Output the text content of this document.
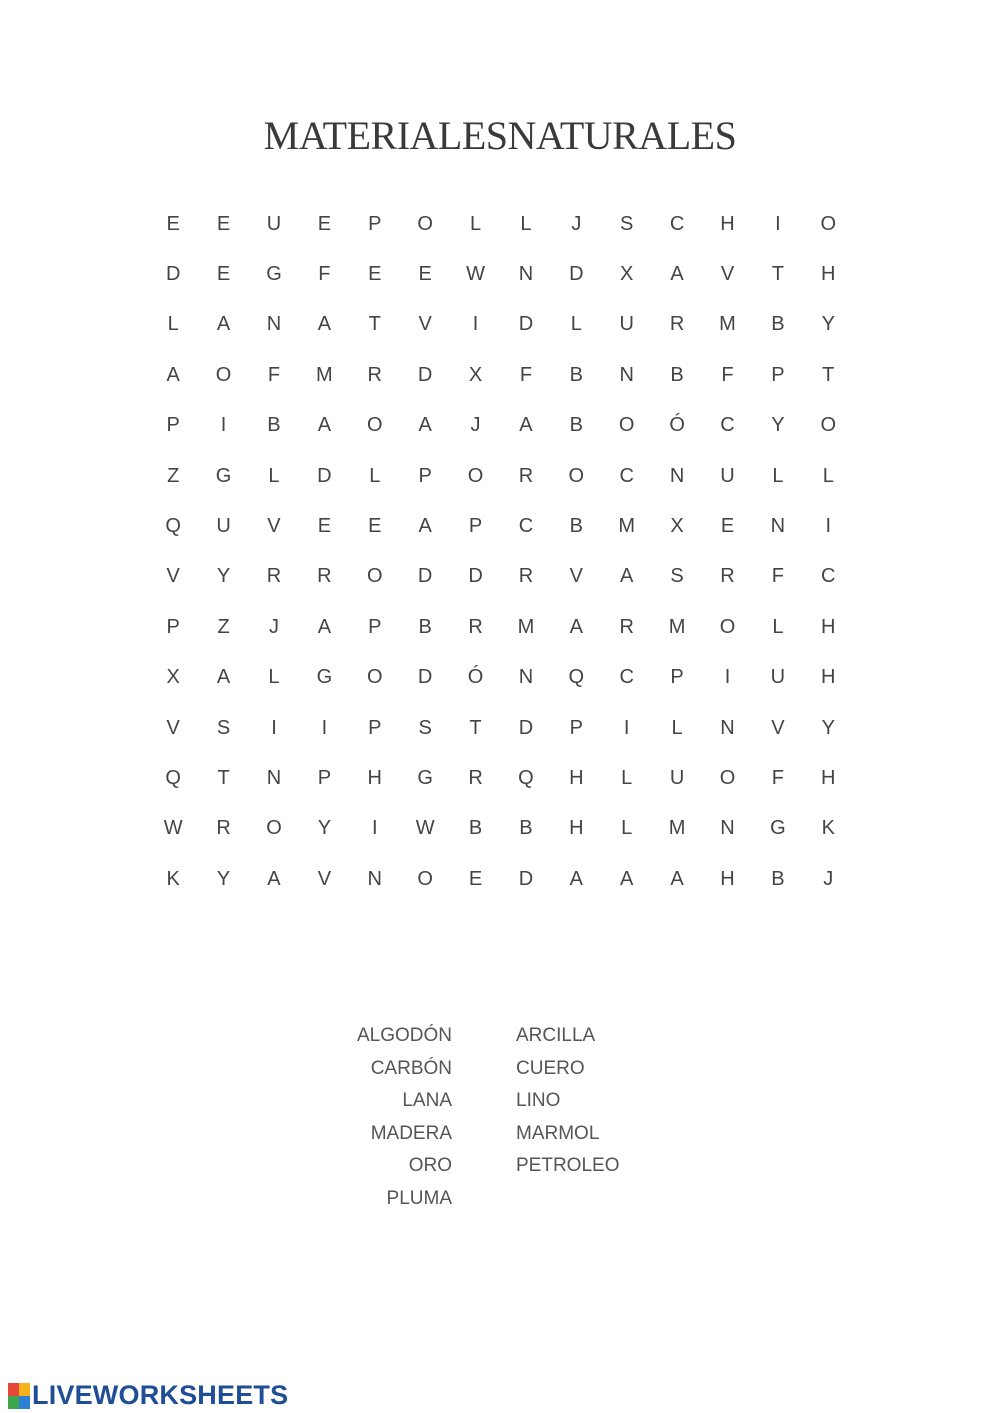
MATERIALESNATURALES
E	E	U	E	P	O	L	L	J	S	C	H	I	O
D	E	G	F	E	E	W	N	D	X	A	V	T	H
L	A	N	A	T	V	I	D	L	U	R	M	B	Y
A	O	F	M	R	D	X	F	B	N	B	F	P	T
P	I	B	A	O	A	J	A	B	O	Ó	C	Y	O
Z	G	L	D	L	P	O	R	O	C	N	U	L	L
Q	U	V	E	E	A	P	C	B	M	X	E	N	I
V	Y	R	R	O	D	D	R	V	A	S	R	F	C
P	Z	J	A	P	B	R	M	A	R	M	O	L	H
X	A	L	G	O	D	Ó	N	Q	C	P	I	U	H
V	S	I	I	P	S	T	D	P	I	L	N	V	Y
Q	T	N	P	H	G	R	Q	H	L	U	O	F	H
W	R	O	Y	I	W	B	B	H	L	M	N	G	K
K	Y	A	V	N	O	E	D	A	A	A	H	B	J
ALGODÓN
CARBÓN
LANA
MADERA
ORO
PLUMA
ARCILLA
CUERO
LINO
MARMOL
PETROLEO
LIVEWORKSHEETS
